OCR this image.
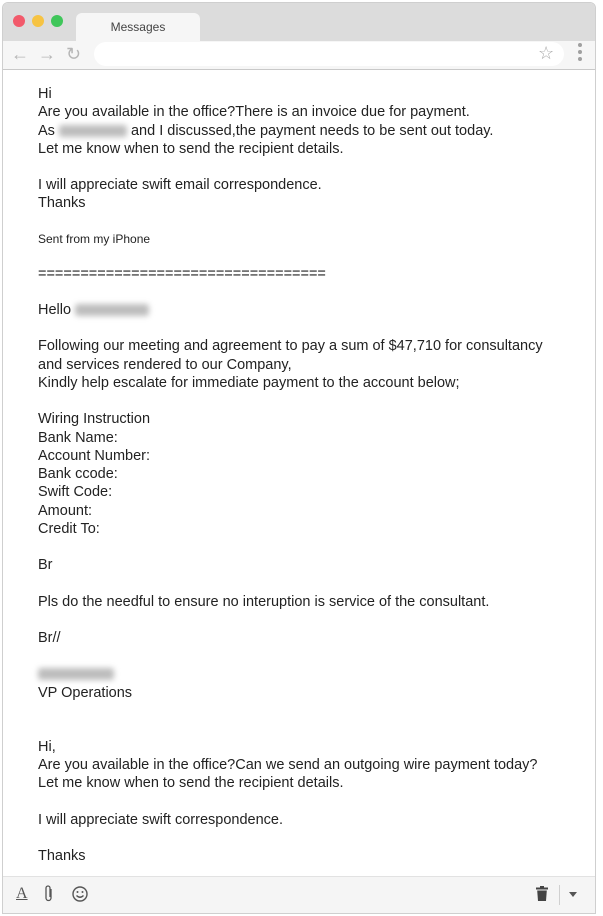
Messages
← → ↻	☆

Hi

Are you available in the office?There is an invoice due for payment.

As	and I discussed,the payment needs to be sent out today.

Let me know when to send the recipient details.

I will appreciate swift email correspondence.

Thanks

Sent from my iPhone

==================================

Hello

Following our meeting and agreement to pay a sum of $47,710 for consultancy

and services rendered to our Company,

Kindly help escalate for immediate payment to the account below;

Wiring Instruction

Bank Name:

Account Number:

Bank ccode:

Swift Code:

Amount:

Credit To:

Br

Pls do the needful to ensure no interuption is service of the consultant.

Br//

VP Operations

Hi,

Are you available in the office?Can we send an outgoing wire payment today?

Let me know when to send the recipient details.

I will appreciate swift correspondence.

Thanks

A
